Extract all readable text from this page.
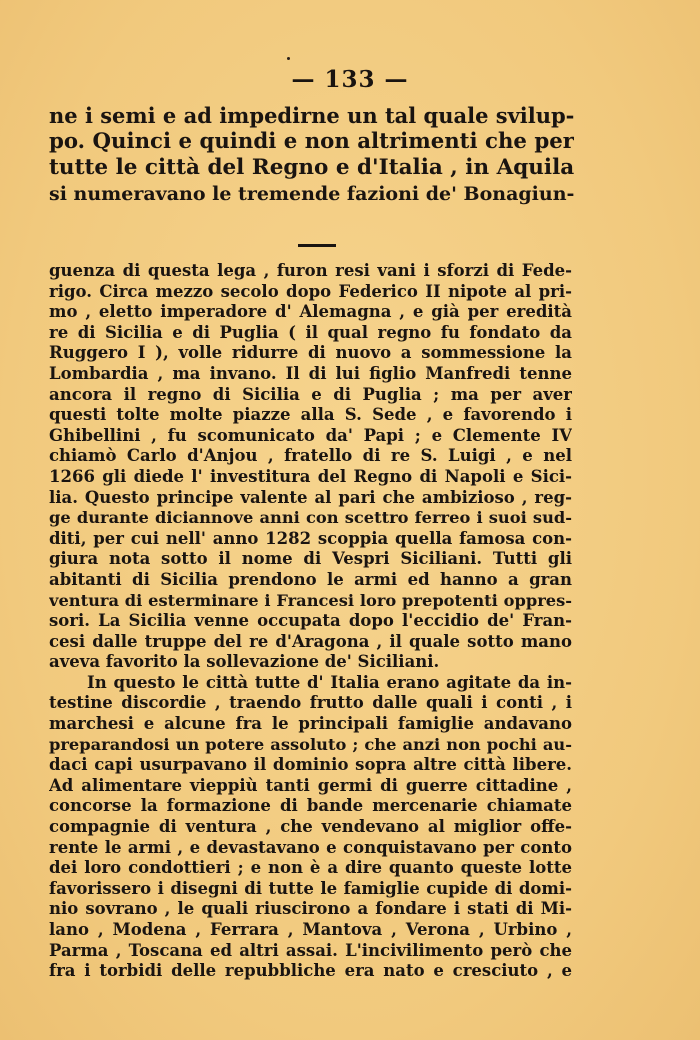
— 133 —
ne i semi e ad impedirne un tal quale svilup-
po. Quinci e quindi e non altrimenti che per
tutte le città del Regno e d'Italia , in Aquila
si numeravano le tremende fazioni de' Bonagiun-
guenza di questa lega , furon resi vani i sforzi di Fede-
rigo. Circa mezzo secolo dopo Federico II nipote al pri-
mo , eletto imperadore d' Alemagna , e già per eredità
re di Sicilia e di Puglia ( il qual regno fu fondato da
Ruggero I ), volle ridurre di nuovo a sommessione la
Lombardia , ma invano. Il di lui figlio Manfredi tenne
ancora il regno di Sicilia e di Puglia ; ma per aver
questi tolte molte piazze alla S. Sede , e favorendo i
Ghibellini , fu scomunicato da' Papi ; e Clemente IV
chiamò Carlo d'Anjou , fratello di re S. Luigi , e nel
1266 gli diede l' investitura del Regno di Napoli e Sici-
lia. Questo principe valente al pari che ambizioso , reg-
ge durante diciannove anni con scettro ferreo i suoi sud-
diti, per cui nell' anno 1282 scoppia quella famosa con-
giura nota sotto il nome di Vespri Siciliani. Tutti gli
abitanti di Sicilia prendono le armi ed hanno a gran
ventura di esterminare i Francesi loro prepotenti oppres-
sori. La Sicilia venne occupata dopo l'eccidio de' Fran-
cesi dalle truppe del re d'Aragona , il quale sotto mano
aveva favorito la sollevazione de' Siciliani.
In questo le città tutte d' Italia erano agitate da in-
testine discordie , traendo frutto dalle quali i conti , i
marchesi e alcune fra le principali famiglie andavano
preparandosi un potere assoluto ; che anzi non pochi au-
daci capi usurpavano il dominio sopra altre città libere.
Ad alimentare vieppiù tanti germi di guerre cittadine ,
concorse la formazione di bande mercenarie chiamate
compagnie di ventura , che vendevano al miglior offe-
rente le armi , e devastavano e conquistavano per conto
dei loro condottieri ; e non è a dire quanto queste lotte
favorissero i disegni di tutte le famiglie cupide di domi-
nio sovrano , le quali riuscirono a fondare i stati di Mi-
lano , Modena , Ferrara , Mantova , Verona , Urbino ,
Parma , Toscana ed altri assai. L'incivilimento però che
fra i torbidi delle repubbliche era nato e cresciuto , e
